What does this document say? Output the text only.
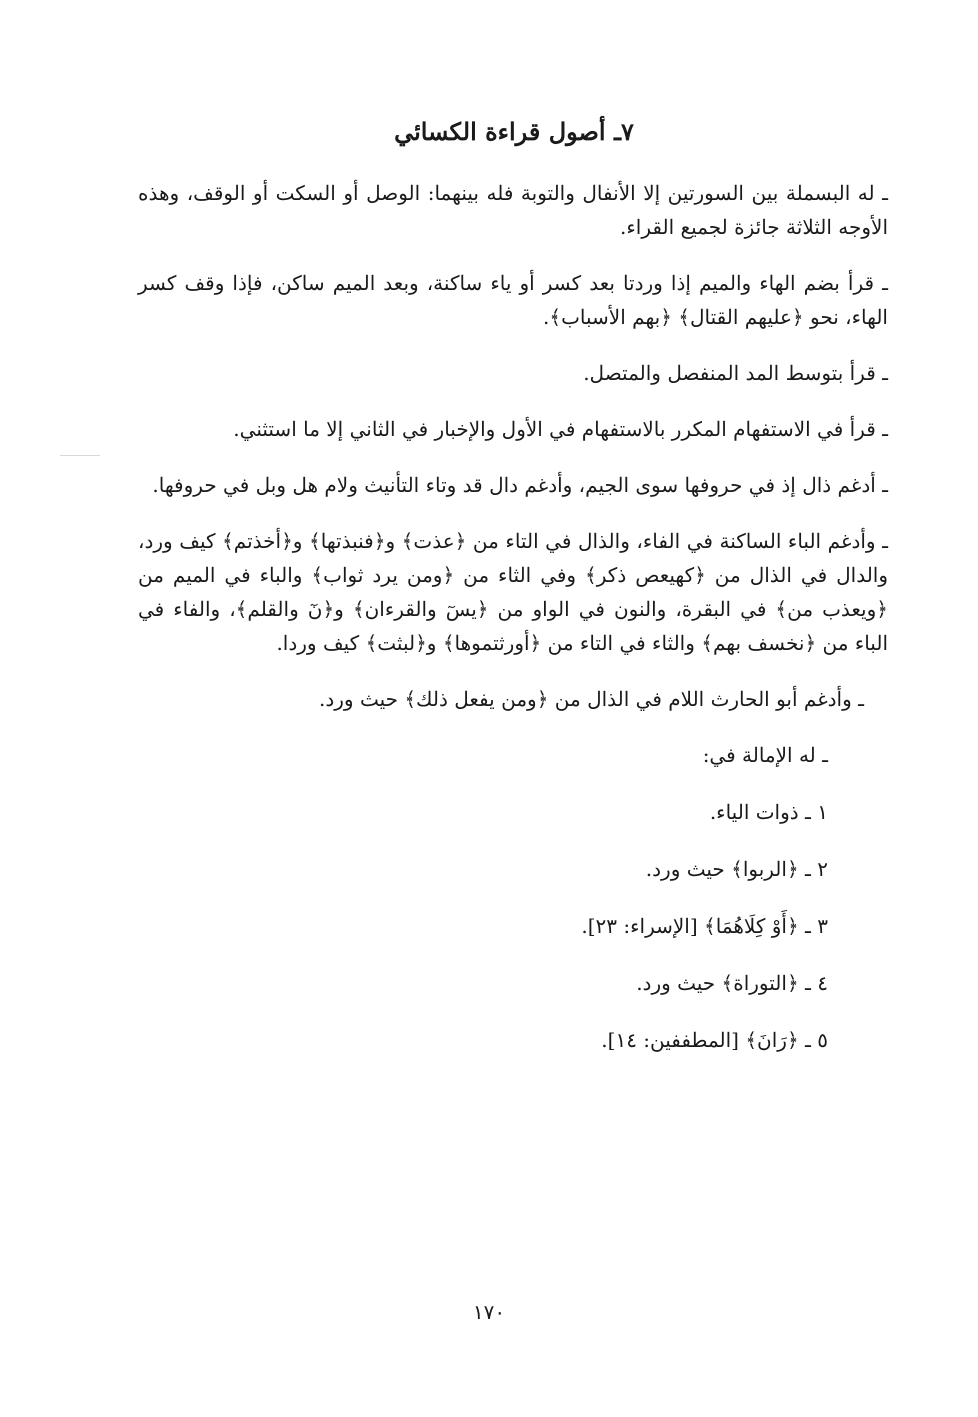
٧ـ أصول قراءة الكسائي

ـ له البسملة بين السورتين إلا الأنفال والتوبة فله بينهما: الوصل أو السكت أو الوقف، وهذه الأوجه الثلاثة جائزة لجميع القراء.

ـ قرأ بضم الهاء والميم إذا وردتا بعد كسر أو ياء ساكنة، وبعد الميم ساكن، فإذا وقف كسر الهاء، نحو ﴿عليهم القتال﴾ ﴿بهم الأسباب﴾.

ـ قرأ بتوسط المد المنفصل والمتصل.

ـ قرأ في الاستفهام المكرر بالاستفهام في الأول والإخبار في الثاني إلا ما استثني.

ـ أدغم ذال إذ في حروفها سوى الجيم، وأدغم دال قد وتاء التأنيث ولام هل وبل في حروفها.

ـ وأدغم الباء الساكنة في الفاء، والذال في التاء من ﴿عذت﴾ و﴿فنبذتها﴾ و﴿أخذتم﴾ كيف ورد، والدال في الذال من ﴿كهيعص ذكر﴾ وفي الثاء من ﴿ومن يرد ثواب﴾ والباء في الميم من ﴿ويعذب من﴾ في البقرة، والنون في الواو من ﴿يسٓ والقرءان﴾ و﴿نٓ والقلم﴾، والفاء في الباء من ﴿نخسف بهم﴾ والثاء في التاء من ﴿أورثتموها﴾ و﴿لبثت﴾ كيف وردا.

ـ وأدغم أبو الحارث اللام في الذال من ﴿ومن يفعل ذلك﴾ حيث ورد.

ـ له الإمالة في:

١ ـ ذوات الياء.

٢ ـ ﴿الربوا﴾ حيث ورد.

٣ ـ ﴿أَوْ كِلَاهُمَا﴾ [الإسراء: ٢٣].

٤ ـ ﴿التوراة﴾ حيث ورد.

٥ ـ ﴿رَانَ﴾ [المطففين: ١٤].

١٧٠
